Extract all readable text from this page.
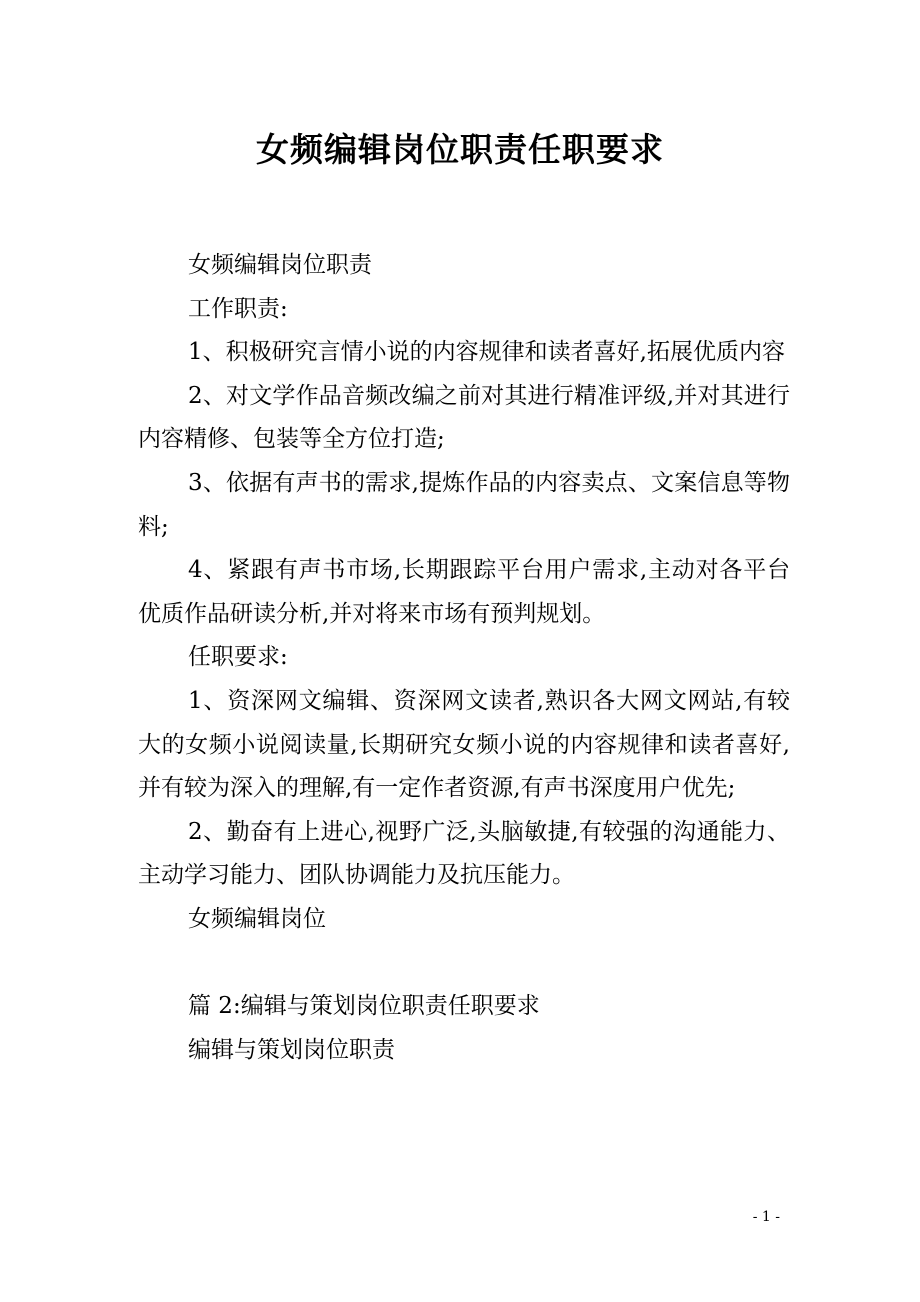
女频编辑岗位职责任职要求

女频编辑岗位职责

工作职责:

1、积极研究言情小说的内容规律和读者喜好,拓展优质内容

2、对文学作品音频改编之前对其进行精准评级,并对其进行内容精修、包装等全方位打造;

3、依据有声书的需求,提炼作品的内容卖点、文案信息等物料;

4、紧跟有声书市场,长期跟踪平台用户需求,主动对各平台优质作品研读分析,并对将来市场有预判规划。

任职要求:

1、资深网文编辑、资深网文读者,熟识各大网文网站,有较大的女频小说阅读量,长期研究女频小说的内容规律和读者喜好,并有较为深入的理解,有一定作者资源,有声书深度用户优先;

2、勤奋有上进心,视野广泛,头脑敏捷,有较强的沟通能力、主动学习能力、团队协调能力及抗压能力。

女频编辑岗位

篇 2:编辑与策划岗位职责任职要求

编辑与策划岗位职责

- 1 -
